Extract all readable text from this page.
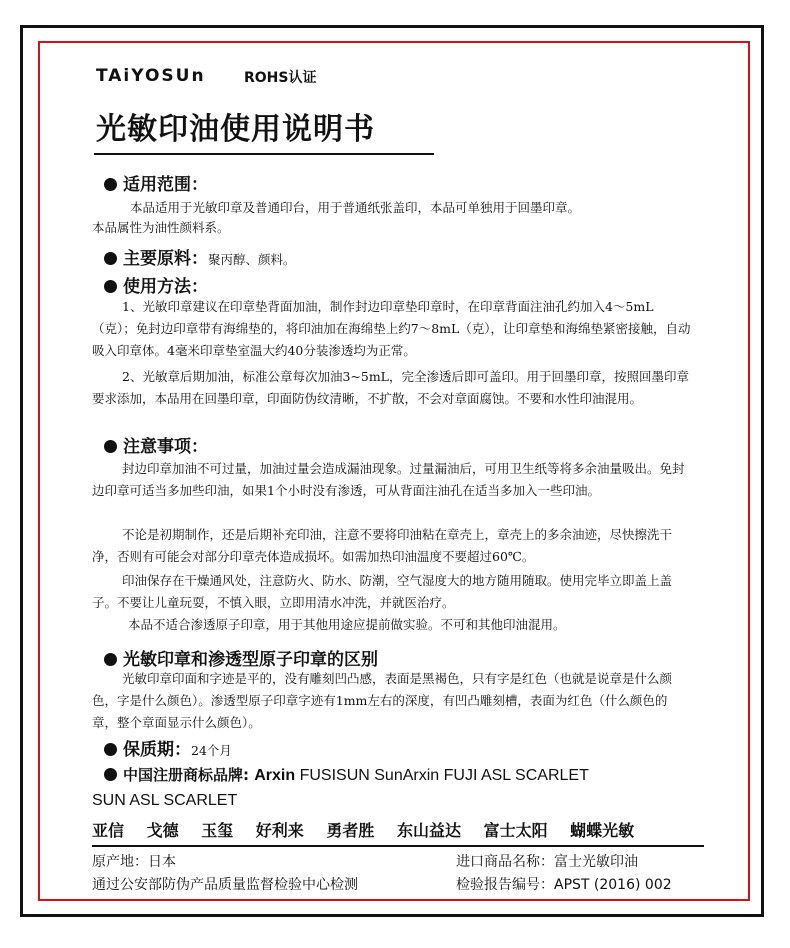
TAiYOSUn	ROHS认证
光敏印油使用说明书
适用范围：
本品适用于光敏印章及普通印台，用于普通纸张盖印，本品可单独用于回墨印章。
本品属性为油性颜料系。
主要原料：聚丙醇、颜料。
使用方法：
1、光敏印章建议在印章垫背面加油，制作封边印章垫印章时，在印章背面注油孔约加入4～5mL（克）；免封边印章带有海绵垫的，将印油加在海绵垫上约7～8mL（克），让印章垫和海绵垫紧密接触，自动吸入印章体。4毫米印章垫室温大约40分装渗透均为正常。
2、光敏章后期加油，标准公章每次加油3~5mL，完全渗透后即可盖印。用于回墨印章，按照回墨印章要求添加，本品用在回墨印章，印面防伪纹清晰，不扩散，不会对章面腐蚀。不要和水性印油混用。
注意事项：
封边印章加油不可过量，加油过量会造成漏油现象。过量漏油后，可用卫生纸等将多余油量吸出。免封边印章可适当多加些印油，如果1个小时没有渗透，可从背面注油孔在适当多加入一些印油。
不论是初期制作，还是后期补充印油，注意不要将印油粘在章壳上，章壳上的多余油迹，尽快擦洗干净，否则有可能会对部分印章壳体造成损坏。如需加热印油温度不要超过60℃。
印油保存在干燥通风处，注意防火、防水、防潮，空气湿度大的地方随用随取。使用完毕立即盖上盖子。不要让儿童玩耍，不慎入眼，立即用清水冲洗，并就医治疗。
本品不适合渗透原子印章，用于其他用途应提前做实验。不可和其他印油混用。
光敏印章和渗透型原子印章的区别
光敏印章印面和字迹是平的，没有雕刻凹凸感，表面是黑褐色，只有字是红色（也就是说章是什么颜色，字是什么颜色）。渗透型原子印章字迹有1mm左右的深度，有凹凸雕刻槽，表面为红色（什么颜色的章，整个章面显示什么颜色）。
保质期：24个月
中国注册商标品牌: Arxin FUSISUN SunArxin FUJI ASL SCARLET
SUN ASL SCARLET
亚信 戈德 玉玺 好利来 勇者胜 东山益达 富士太阳 蝴蝶光敏
原产地：日本	进口商品名称：富士光敏印油
通过公安部防伪产品质量监督检验中心检测	检验报告编号：APST (2016) 002
